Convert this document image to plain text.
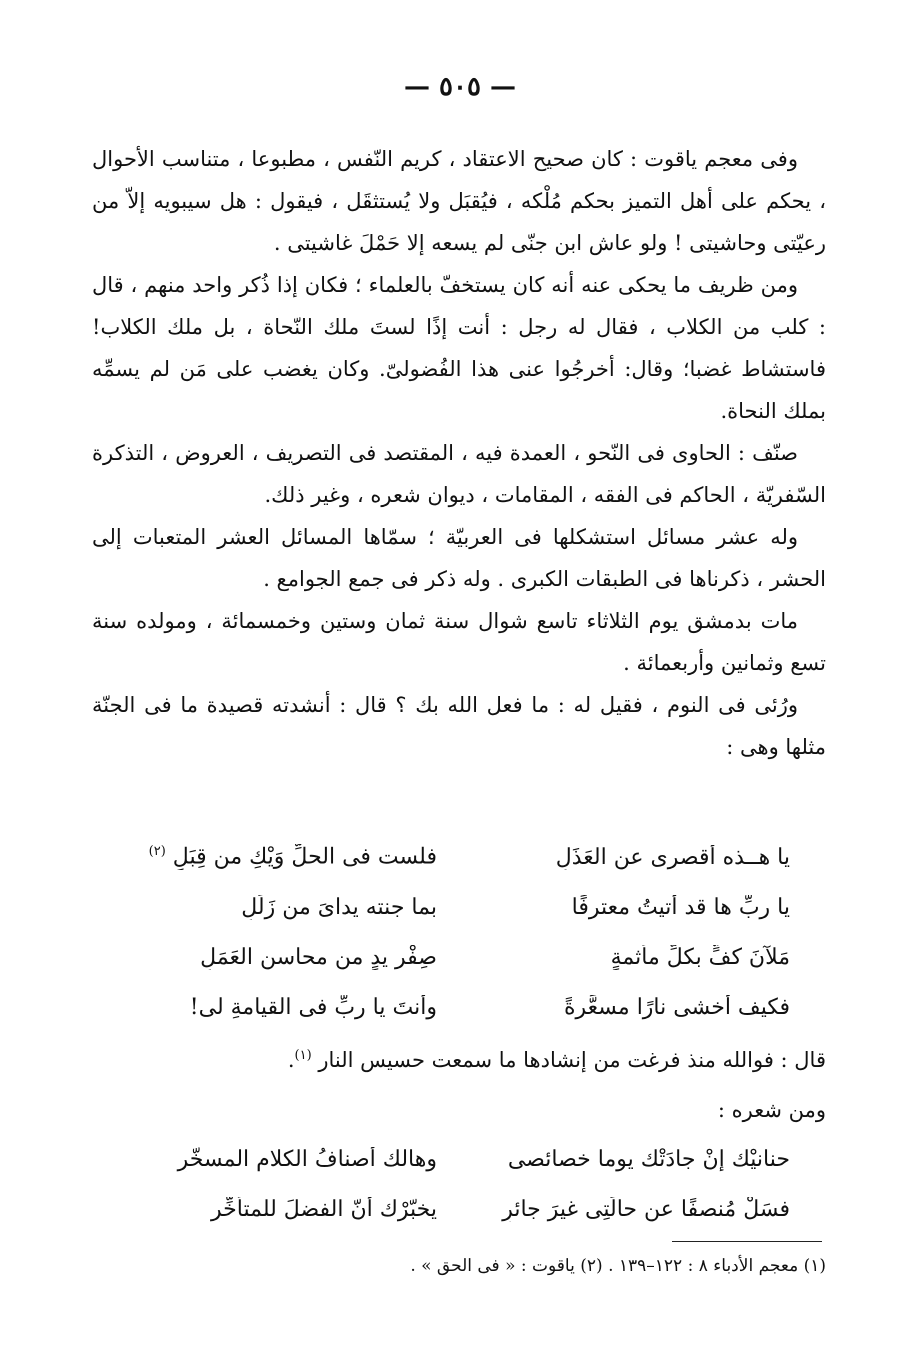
— ٥٠٥ —

وفى معجم ياقوت : كان صحيح الاعتقاد ، كريم النّفس ، مطبوعا ، متناسب الأحوال ، يحكم على أهل التميز بحكم مُلْكه ، فيُقبَل ولا يُستثقَل ، فيقول : هل سيبويه إلاّ من رعيّتى وحاشيتى ! ولو عاش ابن جنّى لم يسعه إلا حَمْلَ غاشيتى .

ومن ظريف ما يحكى عنه أنه كان يستخفّ بالعلماء ؛ فكان إذا ذُكر واحد منهم ، قال : كلب من الكلاب ، فقال له رجل : أنت إذًا لستَ ملك النّحاة ، بل ملك الكلاب! فاستشاط غضبا؛ وقال: أخرجُوا عنى هذا الفُضولىّ. وكان يغضب على مَن لم يسمِّه بملك النحاة.

صنّف : الحاوى فى النّحو ، العمدة فيه ، المقتصد فى التصريف ، العروض ، التذكرة السّفريّة ، الحاكم فى الفقه ، المقامات ، ديوان شعره ، وغير ذلك.

وله عشر مسائل استشكلها فى العربيّة ؛ سمّاها المسائل العشر المتعبات إلى الحشر ، ذكرناها فى الطبقات الكبرى . وله ذكر فى جمع الجوامع .

مات بدمشق يوم الثلاثاء تاسع شوال سنة ثمان وستين وخمسمائة ، ومولده سنة تسع وثمانين وأربعمائة .

ورُئى فى النوم ، فقيل له : ما فعل الله بك ؟ قال : أنشدته قصيدة ما فى الجنّة مثلها وهى :

يا هــذه أقصرِى عن العَذَلِ
فلست فى الحلِّ وَيْكِ من قِبَلِ $^{(٢)}$
يا ربِّ ها قد أتيتُ معترفًا
بما جنته يداىَ من زَلَلِ
مَلآنَ كفٍّ بكلِّ مأثمةٍ
صِفْر يدٍ من محاسن العَمَلِ
فكيف أخشى نارًا مسعَّرةً
وأنتَ يا ربِّ فى القيامةِ لى!
قال : فوالله منذ فرغت من إنشادها ما سمعت حسيس النار $^{(١)}$.
ومن شعره :
حنانيْك إنْ جادَتْك يوما خصائصى
وهالك أصنافُ الكلام المسخّرِ
فسَلْ مُنصفًا عن حالَتِى غيرَ جائرٍ
يخبّرْك أنّ الفضلَ للمتأخِّرِ
(١) معجم الأدباء ٨ : ١٢٢–١٣٩ . (٢) ياقوت : « فى الحق » .
